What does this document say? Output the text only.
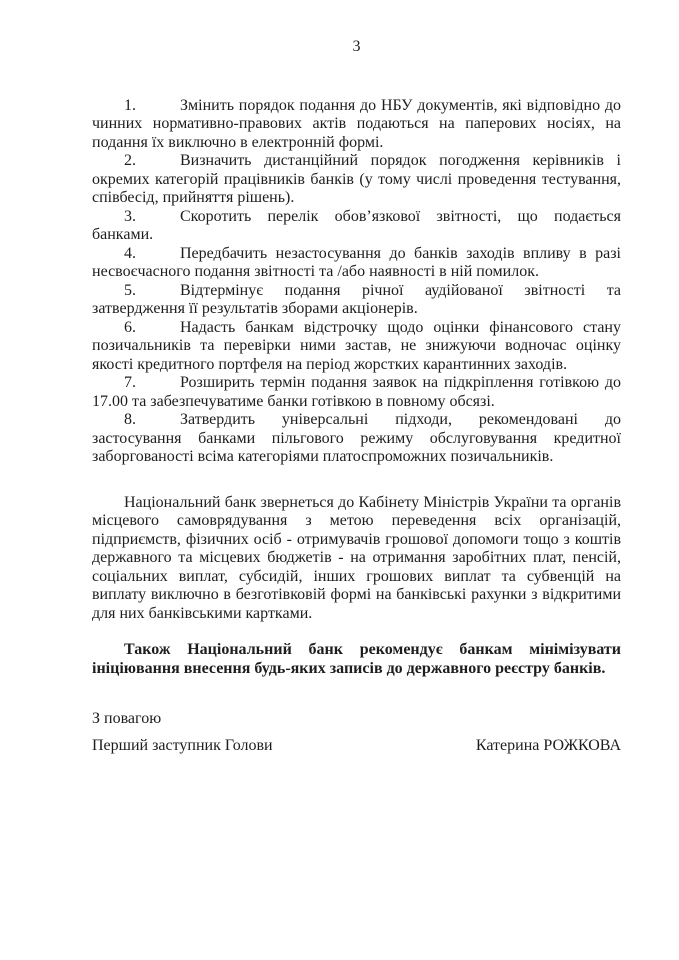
3

1.	Змінить порядок подання до НБУ документів, які відповідно до чинних нормативно-правових актів подаються на паперових носіях, на подання їх виключно в електронній формі.

2.	Визначить дистанційний порядок погодження керівників і окремих категорій працівників банків (у тому числі проведення тестування, співбесід, прийняття рішень).

3.	Скоротить перелік обов’язкової звітності, що подається банками.

4.	Передбачить незастосування до банків заходів впливу в разі несвоєчасного подання звітності та /або наявності в ній помилок.

5.	Відтермінує подання річної аудійованої звітності та затвердження її результатів зборами акціонерів.

6.	Надасть банкам відстрочку щодо оцінки фінансового стану позичальників та перевірки ними застав, не знижуючи водночас оцінку якості кредитного портфеля на період жорстких карантинних заходів.

7.	Розширить термін подання заявок на підкріплення готівкою до 17.00 та забезпечуватиме банки готівкою в повному обсязі.

8.	Затвердить універсальні підходи, рекомендовані до застосування банками пільгового режиму обслуговування кредитної заборгованості всіма категоріями платоспроможних позичальників.

Національний банк звернеться до Кабінету Міністрів України та органів місцевого самоврядування з метою переведення всіх організацій, підприємств, фізичних осіб - отримувачів грошової допомоги тощо з коштів державного та місцевих бюджетів - на отримання заробітних плат, пенсій, соціальних виплат, субсидій, інших грошових виплат та субвенцій на виплату виключно в безготівковій формі на банківські рахунки з відкритими для них банківськими картками.

Також Національний банк рекомендує банкам мінімізувати ініціювання внесення будь-яких записів до державного реєстру банків.

З повагою

Перший заступник Голови	Катерина РОЖКОВА
